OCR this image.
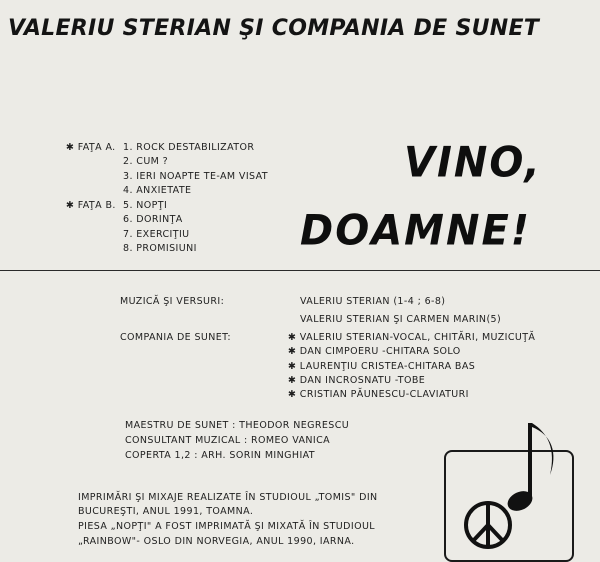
VALERIU STERIAN ŞI COMPANIA DE SUNET
✱ FAŢA A. 1. ROCK DESTABILIZATOR
2. CUM ?
3. IERI NOAPTE TE-AM VISAT
4. ANXIETATE
✱ FAŢA B. 5. NOPŢI
6. DORINŢA
7. EXERCIŢIU
8. PROMISIUNI
VINO,
DOAMNE!
MUZICĂ ŞI VERSURI:	VALERIU STERIAN (1-4 ; 6-8)
VALERIU STERIAN ŞI CARMEN MARIN(5)
COMPANIA DE SUNET:	✱ VALERIU STERIAN-VOCAL, CHITĂRI, MUZICUŢĂ
✱ DAN CIMPOERU -CHITARA SOLO
✱ LAURENŢIU CRISTEA-CHITARA BAS
✱ DAN INCROSNATU -TOBE
✱ CRISTIAN PĂUNESCU-CLAVIATURI
MAESTRU DE SUNET : THEODOR NEGRESCU
CONSULTANT MUZICAL : ROMEO VANICA
COPERTA 1,2 : ARH. SORIN MINGHIAT
IMPRIMĂRI ŞI MIXAJE REALIZATE ÎN STUDIOUL „TOMIS" DIN
BUCUREŞTI, ANUL 1991, TOAMNA.
PIESA „NOPŢI" A FOST IMPRIMATĂ ŞI MIXATĂ ÎN STUDIOUL
„RAINBOW"- OSLO DIN NORVEGIA, ANUL 1990, IARNA.
